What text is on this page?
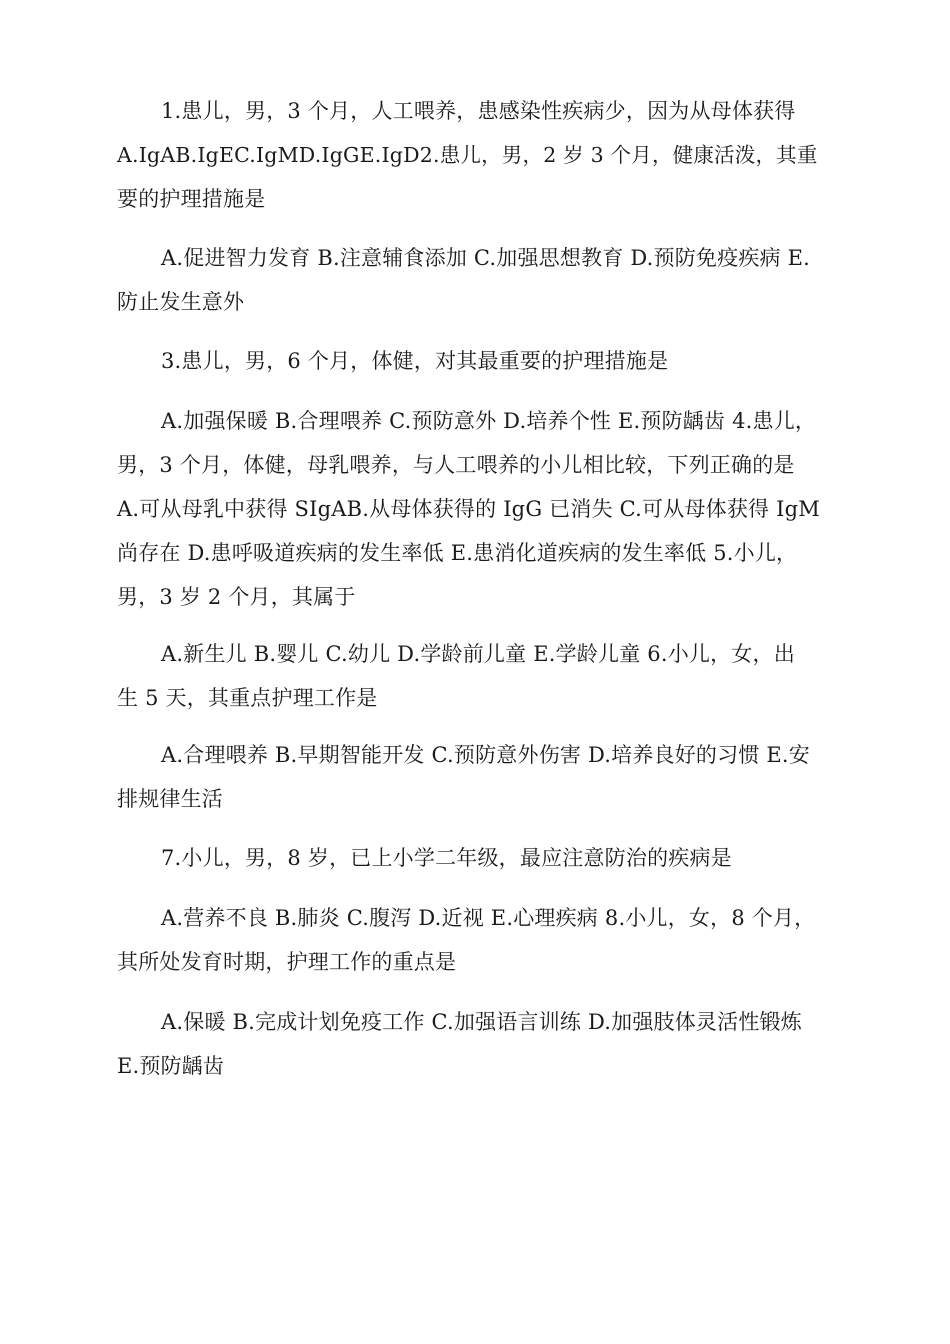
1.患儿，男，3 个月，人工喂养，患感染性疾病少，因为从母体获得
A.IgAB.IgEC.IgMD.IgGE.IgD2.患儿，男，2 岁 3 个月，健康活泼，其重
要的护理措施是

A.促进智力发育 B.注意辅食添加 C.加强思想教育 D.预防免疫疾病 E.
防止发生意外

3.患儿，男，6 个月，体健，对其最重要的护理措施是

A.加强保暖 B.合理喂养 C.预防意外 D.培养个性 E.预防龋齿 4.患儿，
男，3 个月，体健，母乳喂养，与人工喂养的小儿相比较，下列正确的是
A.可从母乳中获得 SIgAB.从母体获得的 IgG 已消失 C.可从母体获得 IgM
尚存在 D.患呼吸道疾病的发生率低 E.患消化道疾病的发生率低 5.小儿，
男，3 岁 2 个月，其属于

A.新生儿 B.婴儿 C.幼儿 D.学龄前儿童 E.学龄儿童 6.小儿，女，出
生 5 天，其重点护理工作是

A.合理喂养 B.早期智能开发 C.预防意外伤害 D.培养良好的习惯 E.安
排规律生活

7.小儿，男，8 岁，已上小学二年级，最应注意防治的疾病是

A.营养不良 B.肺炎 C.腹泻 D.近视 E.心理疾病 8.小儿，女，8 个月，
其所处发育时期，护理工作的重点是

A.保暖 B.完成计划免疫工作 C.加强语言训练 D.加强肢体灵活性锻炼
E.预防龋齿
